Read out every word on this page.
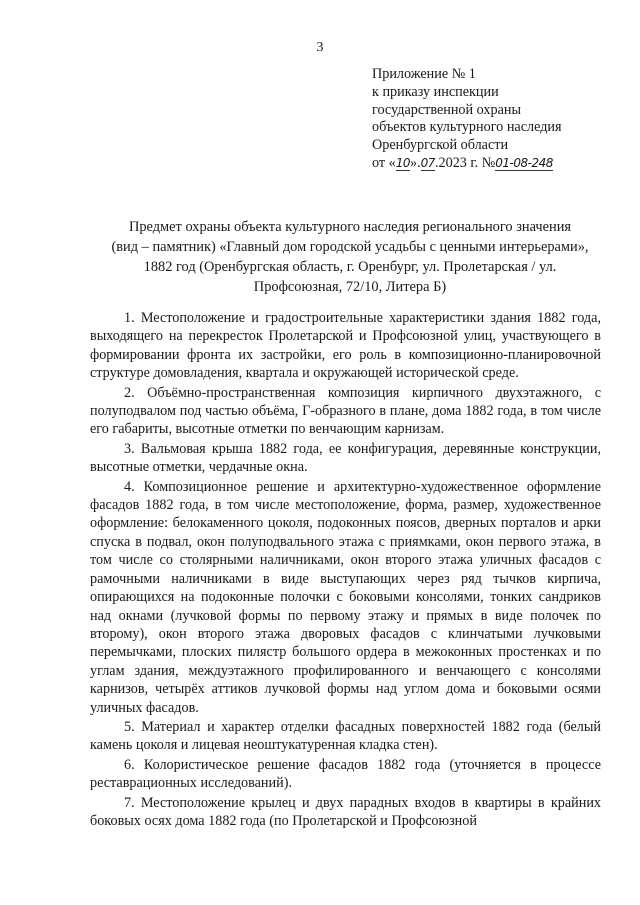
3
Приложение № 1
к приказу инспекции
государственной охраны
объектов культурного наследия
Оренбургской области
от «10».07.2023 г. №01-08-248
Предмет охраны объекта культурного наследия регионального значения
(вид – памятник) «Главный дом городской усадьбы с ценными интерьерами»,
1882 год (Оренбургская область, г. Оренбург, ул. Пролетарская / ул.
Профсоюзная, 72/10, Литера Б)

1. Местоположение и градостроительные характеристики здания 1882 года, выходящего на перекресток Пролетарской и Профсоюзной улиц, участвующего в формировании фронта их застройки, его роль в композиционно-планировочной структуре домовладения, квартала и окружающей исторической среде.

2. Объёмно-пространственная композиция кирпичного двухэтажного, с полуподвалом под частью объёма, Г-образного в плане, дома 1882 года, в том числе его габариты, высотные отметки по венчающим карнизам.

3. Вальмовая крыша 1882 года, ее конфигурация, деревянные конструкции, высотные отметки, чердачные окна.

4. Композиционное решение и архитектурно-художественное оформление фасадов 1882 года, в том числе местоположение, форма, размер, художественное оформление: белокаменного цоколя, подоконных поясов, дверных порталов и арки спуска в подвал, окон полуподвального этажа с приямками, окон первого этажа, в том числе со столярными наличниками, окон второго этажа уличных фасадов с рамочными наличниками в виде выступающих через ряд тычков кирпича, опирающихся на подоконные полочки с боковыми консолями, тонких сандриков над окнами (лучковой формы по первому этажу и прямых в виде полочек по второму), окон второго этажа дворовых фасадов с клинчатыми лучковыми перемычками, плоских пилястр большого ордера в межоконных простенках и по углам здания, междуэтажного профилированного и венчающего с консолями карнизов, четырёх аттиков лучковой формы над углом дома и боковыми осями уличных фасадов.

5. Материал и характер отделки фасадных поверхностей 1882 года (белый камень цоколя и лицевая неоштукатуренная кладка стен).

6. Колористическое решение фасадов 1882 года (уточняется в процессе реставрационных исследований).

7. Местоположение крылец и двух парадных входов в квартиры в крайних боковых осях дома 1882 года (по Пролетарской и Профсоюзной
